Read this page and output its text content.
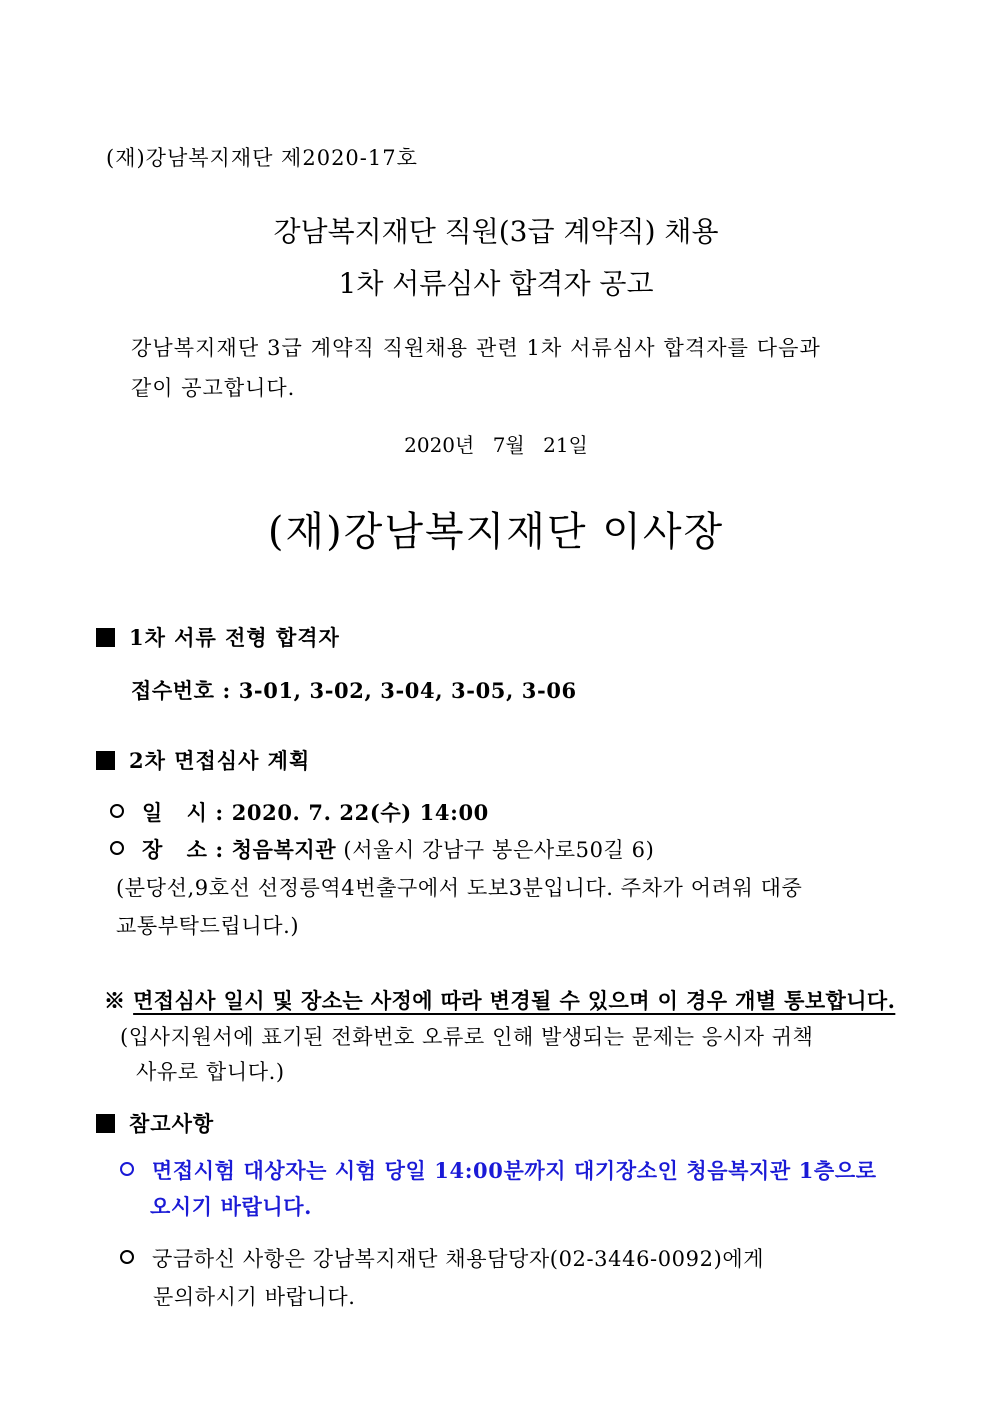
(재)강남복지재단 제2020-17호
강남복지재단 직원(3급 계약직) 채용
1차 서류심사 합격자 공고
강남복지재단 3급 계약직 직원채용 관련 1차 서류심사 합격자를 다음과
같이 공고합니다.
2020년 7월 21일
(재)강남복지재단 이사장
1차 서류 전형 합격자
접수번호 : 3-01, 3-02, 3-04, 3-05, 3-06
2차 면접심사 계획
일   시 : 2020. 7. 22(수) 14:00
장   소 : 청음복지관 (서울시 강남구 봉은사로50길 6)
(분당선,9호선 선정릉역4번출구에서 도보3분입니다. 주차가 어려워 대중
교통부탁드립니다.)
※ 면접심사 일시 및 장소는 사정에 따라 변경될 수 있으며 이 경우 개별 통보합니다.
(입사지원서에 표기된 전화번호 오류로 인해 발생되는 문제는 응시자 귀책
사유로 합니다.)
참고사항
면접시험 대상자는 시험 당일 14:00분까지 대기장소인 청음복지관 1층으로
오시기 바랍니다.
궁금하신 사항은 강남복지재단 채용담당자(02-3446-0092)에게
문의하시기 바랍니다.
